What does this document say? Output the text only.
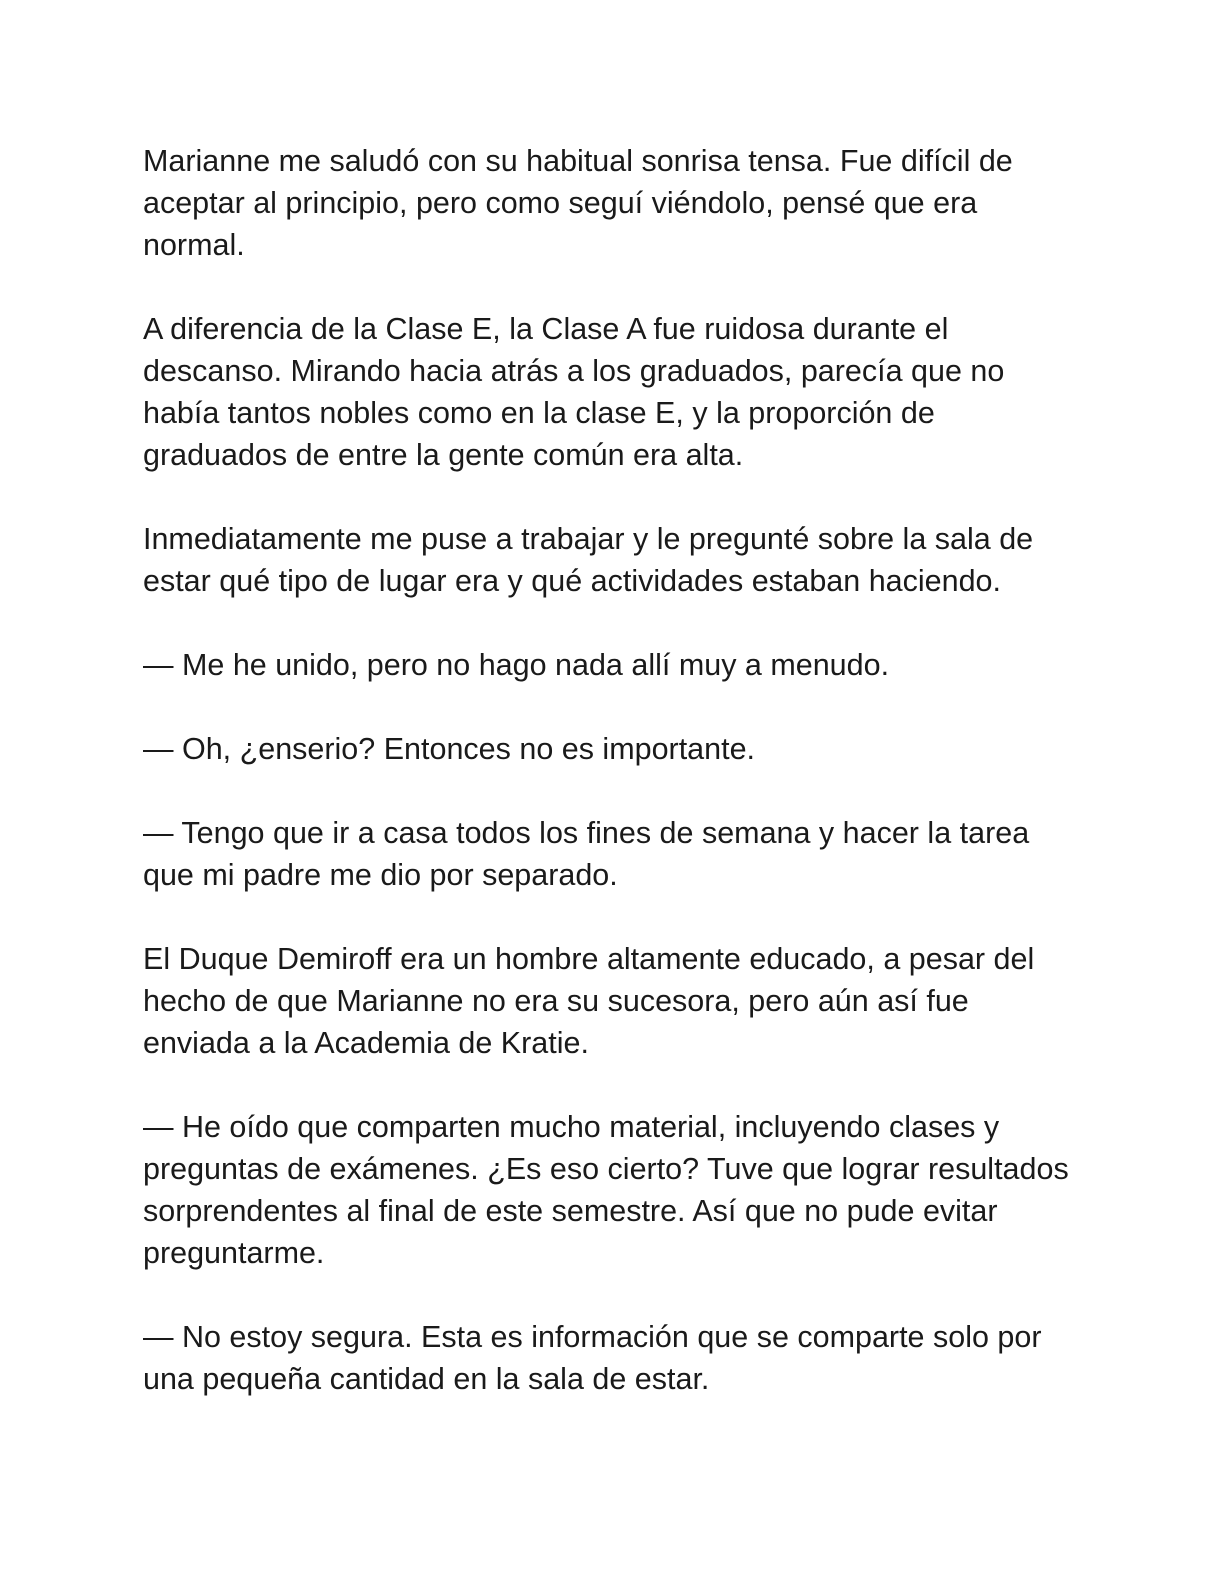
Marianne me saludó con su habitual sonrisa tensa. Fue difícil de aceptar al principio, pero como seguí viéndolo, pensé que era normal.

A diferencia de la Clase E, la Clase A fue ruidosa durante el descanso. Mirando hacia atrás a los graduados, parecía que no había tantos nobles como en la clase E, y la proporción de graduados de entre la gente común era alta.

Inmediatamente me puse a trabajar y le pregunté sobre la sala de estar qué tipo de lugar era y qué actividades estaban haciendo.

— Me he unido, pero no hago nada allí muy a menudo.

— Oh, ¿enserio? Entonces no es importante.

— Tengo que ir a casa todos los fines de semana y hacer la tarea que mi padre me dio por separado.

El Duque Demiroff era un hombre altamente educado, a pesar del hecho de que Marianne no era su sucesora, pero aún así fue enviada a la Academia de Kratie.

— He oído que comparten mucho material, incluyendo clases y preguntas de exámenes. ¿Es eso cierto? Tuve que lograr resultados sorprendentes al final de este semestre. Así que no pude evitar preguntarme.

— No estoy segura. Esta es información que se comparte solo por una pequeña cantidad en la sala de estar.
